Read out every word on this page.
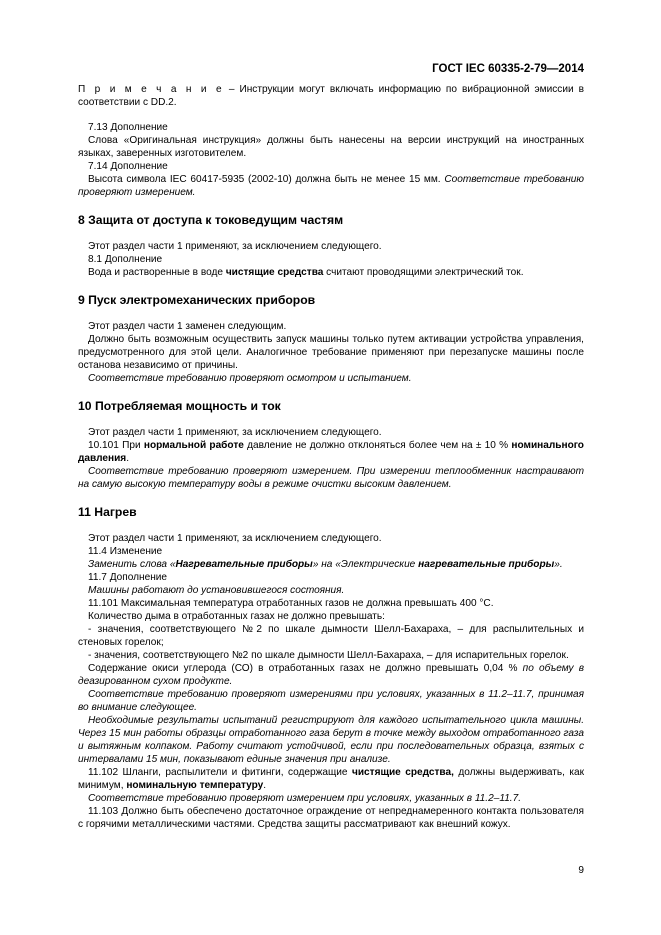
ГОСТ IEC 60335-2-79—2014

П р и м е ч а н и е – Инструкции могут включать информацию по вибрационной эмиссии в соответствии с DD.2.

7.13 Дополнение

Слова «Оригинальная инструкция» должны быть нанесены на версии инструкций на иностранных языках, заверенных изготовителем.

7.14 Дополнение

Высота символа IEC 60417-5935 (2002-10) должна быть не менее 15 мм. Соответствие требованию проверяют измерением.

8 Защита от доступа к токоведущим частям

Этот раздел части 1 применяют, за исключением следующего.

8.1 Дополнение

Вода и растворенные в воде чистящие средства считают проводящими электрический ток.

9 Пуск электромеханических приборов

Этот раздел части 1 заменен следующим.

Должно быть возможным осуществить запуск машины только путем активации устройства управления, предусмотренного для этой цели. Аналогичное требование применяют при перезапуске машины после останова независимо от причины.

Соответствие требованию проверяют осмотром и испытанием.

10 Потребляемая мощность и ток

Этот раздел части 1 применяют, за исключением следующего.

10.101 При нормальной работе давление не должно отклоняться более чем на ± 10 % номинального давления.

Соответствие требованию проверяют измерением. При измерении теплообменник настраивают на самую высокую температуру воды в режиме очистки высоким давлением.

11 Нагрев

Этот раздел части 1 применяют, за исключением следующего.

11.4 Изменение

Заменить слова «Нагревательные приборы» на «Электрические нагревательные приборы».

11.7 Дополнение

Машины работают до установившегося состояния.

11.101 Максимальная температура отработанных газов не должна превышать 400 °С.

Количество дыма в отработанных газах не должно превышать:

- значения, соответствующего №2 по шкале дымности Шелл-Бахараха, – для распылительных и стеновых горелок;

- значения, соответствующего №2 по шкале дымности Шелл-Бахараха, – для испарительных горелок.

Содержание окиси углерода (СО) в отработанных газах не должно превышать 0,04 % по объему в деазированном сухом продукте.

Соответствие требованию проверяют измерениями при условиях, указанных в 11.2–11.7, принимая во внимание следующее.

Необходимые результаты испытаний регистрируют для каждого испытательного цикла машины. Через 15 мин работы образцы отработанного газа берут в точке между выходом отработанного газа и вытяжным колпаком. Работу считают устойчивой, если при последовательных образца, взятых с интервалами 15 мин, показывают единые значения при анализе.

11.102 Шланги, распылители и фитинги, содержащие чистящие средства, должны выдерживать, как минимум, номинальную температуру.

Соответствие требованию проверяют измерением при условиях, указанных в 11.2–11.7.

11.103 Должно быть обеспечено достаточное ограждение от непреднамеренного контакта пользователя с горячими металлическими частями. Средства защиты рассматривают как внешний кожух.

9
